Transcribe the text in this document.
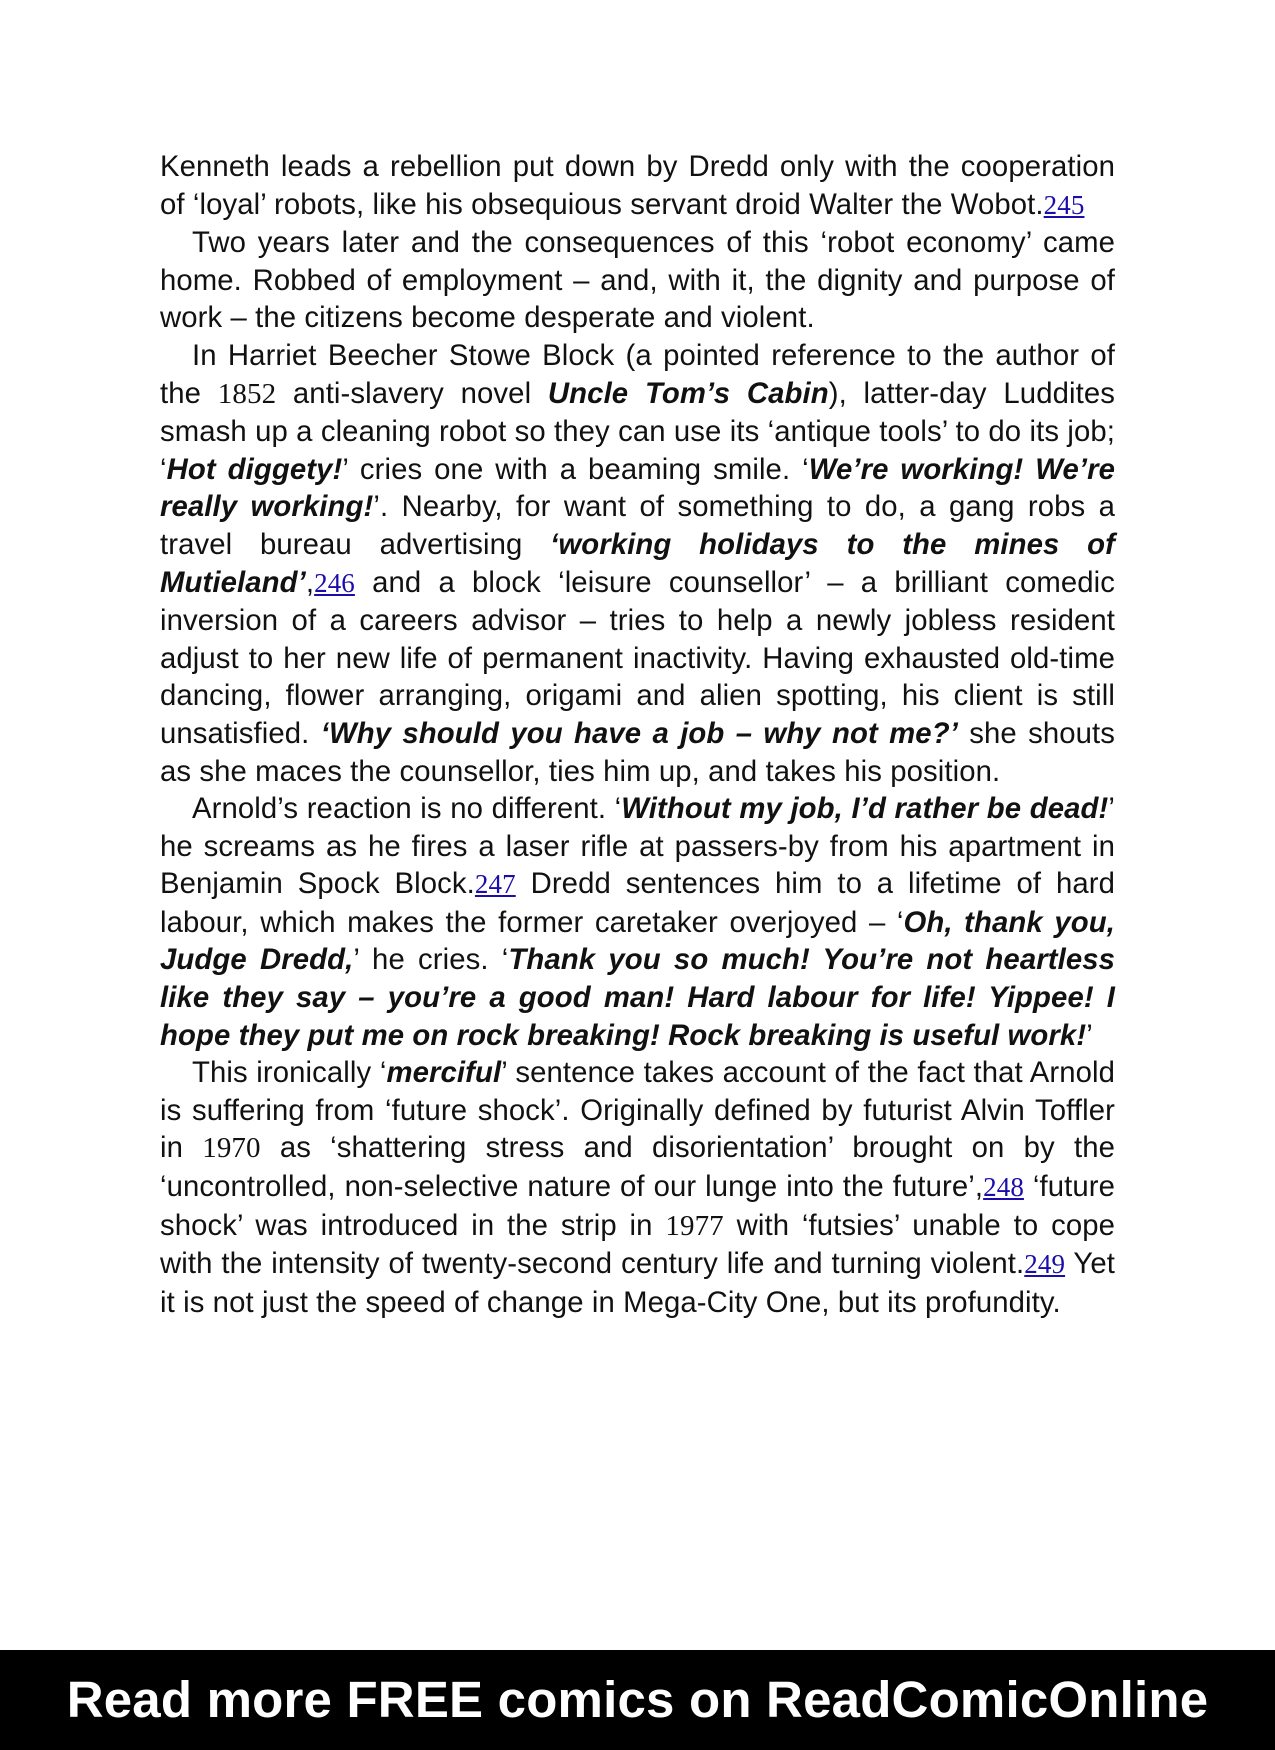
Kenneth leads a rebellion put down by Dredd only with the cooperation of ‘loyal’ robots, like his obsequious servant droid Walter the Wobot.245

Two years later and the consequences of this ‘robot economy’ came home. Robbed of employment – and, with it, the dignity and purpose of work – the citizens become desperate and violent.

In Harriet Beecher Stowe Block (a pointed reference to the author of the 1852 anti-slavery novel Uncle Tom’s Cabin), latter-day Luddites smash up a cleaning robot so they can use its ‘antique tools’ to do its job; ‘Hot diggety!’ cries one with a beaming smile. ‘We’re working! We’re really working!’. Nearby, for want of something to do, a gang robs a travel bureau advertising ‘working holidays to the mines of Mutieland’,246 and a block ‘leisure counsellor’ – a brilliant comedic inversion of a careers advisor – tries to help a newly jobless resident adjust to her new life of permanent inactivity. Having exhausted old-time dancing, flower arranging, origami and alien spotting, his client is still unsatisfied. ‘Why should you have a job – why not me?’ she shouts as she maces the counsellor, ties him up, and takes his position.

Arnold’s reaction is no different. ‘Without my job, I’d rather be dead!’ he screams as he fires a laser rifle at passers-by from his apartment in Benjamin Spock Block.247 Dredd sentences him to a lifetime of hard labour, which makes the former caretaker overjoyed – ‘Oh, thank you, Judge Dredd,’ he cries. ‘Thank you so much! You’re not heartless like they say – you’re a good man! Hard labour for life! Yippee! I hope they put me on rock breaking! Rock breaking is useful work!’

This ironically ‘merciful’ sentence takes account of the fact that Arnold is suffering from ‘future shock’. Originally defined by futurist Alvin Toffler in 1970 as ‘shattering stress and disorientation’ brought on by the ‘uncontrolled, non-selective nature of our lunge into the future’,248 ‘future shock’ was introduced in the strip in 1977 with ‘futsies’ unable to cope with the intensity of twenty-second century life and turning violent.249 Yet it is not just the speed of change in Mega-City One, but its profundity.

Read more FREE comics on ReadComicOnline
